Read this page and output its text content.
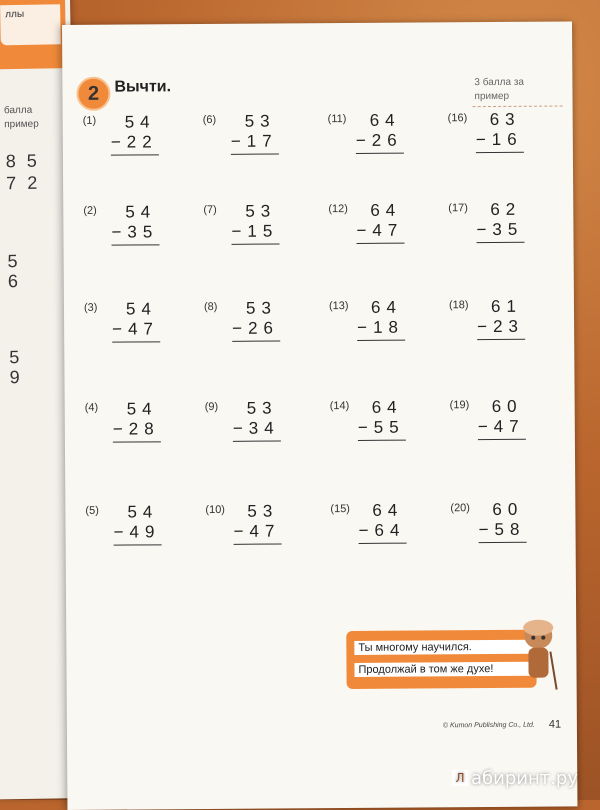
ллы
балла
пример
8 5
7 2
5
6
5
9
2 Вычти.	3 балла за пример
(1) 54
−22
(2) 54
−35
(3) 54
−47
(4) 54
−28
(5) 54
−49
(6) 53
−17
(7) 53
−15
(8) 53
−26
(9) 53
−34
(10) 53
−47
(11) 64
−26
(12) 64
−47
(13) 64
−18
(14) 64
−55
(15) 64
−64
(16) 63
−16
(17) 62
−35
(18) 61
−23
(19) 60
−47
(20) 60
−58
Ты многому научился.
Продолжай в том же духе!
© Kumon Publishing Co., Ltd. 41
Л абиринт.ру
